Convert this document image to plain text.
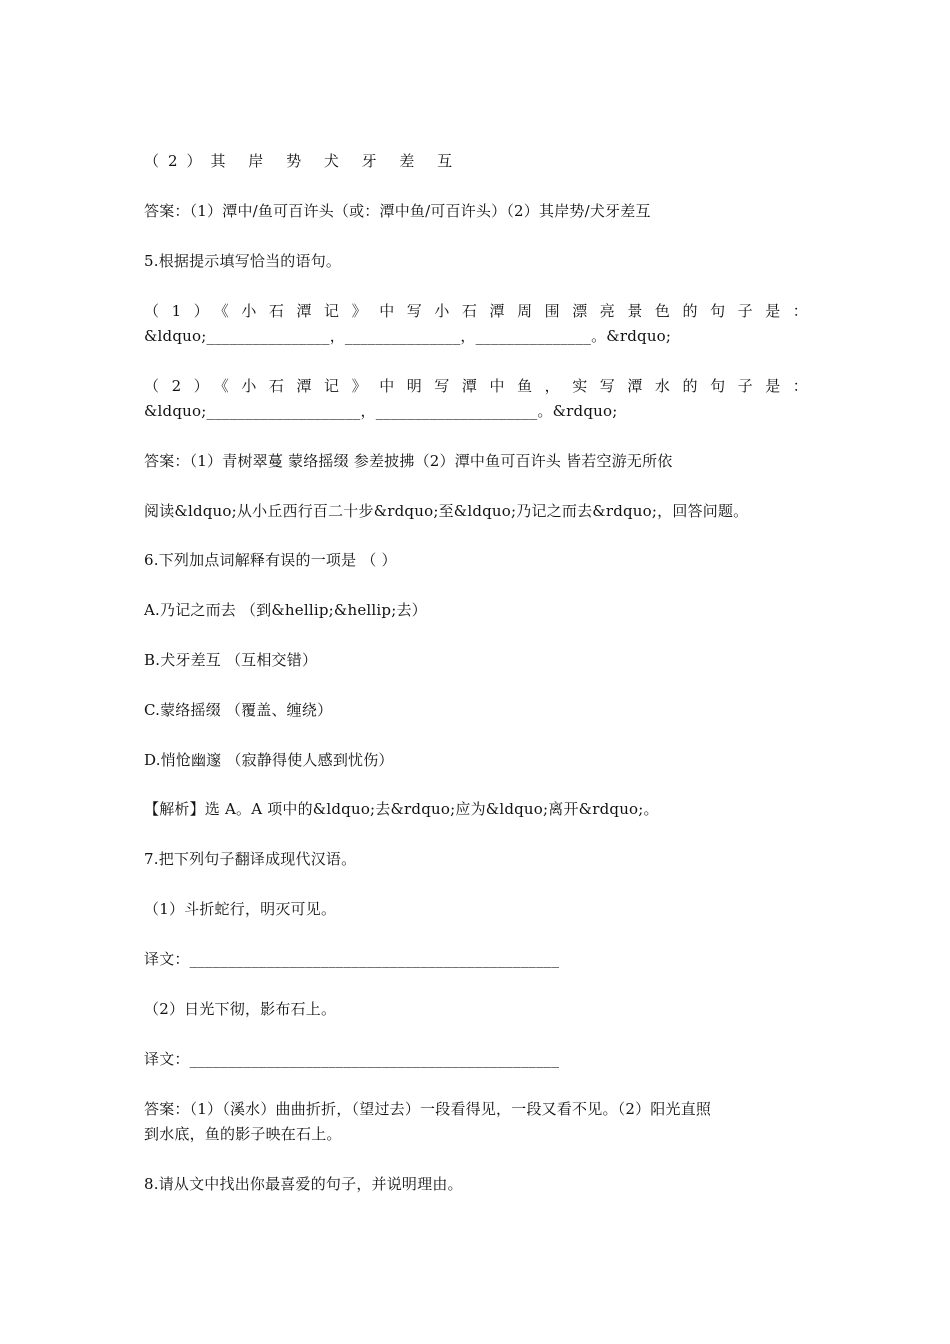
（2）其 岸 势 犬 牙 差 互
答案：（1）潭中/鱼可百许头（或：潭中鱼/可百许头）（2）其岸势/犬牙差互
5.根据提示填写恰当的语句。
（1）《小石潭记》中写小石潭周围漂亮景色的句子是：
&ldquo;________________，_______________，_______________。&rdquo;
（2）《小石潭记》中明写潭中鱼，实写潭水的句子是：
&ldquo;____________________，_____________________。&rdquo;
答案：（1）青树翠蔓 蒙络摇缀 参差披拂（2）潭中鱼可百许头 皆若空游无所依
阅读&ldquo;从小丘西行百二十步&rdquo;至&ldquo;乃记之而去&rdquo;，回答问题。
6.下列加点词解释有误的一项是 （ ）
A.乃记之而去 （到&hellip;&hellip;去）
B.犬牙差互 （互相交错）
C.蒙络摇缀 （覆盖、缠绕）
D.悄怆幽邃 （寂静得使人感到忧伤）
【解析】选 A。A 项中的&ldquo;去&rdquo;应为&ldquo;离开&rdquo;。
7.把下列句子翻译成现代汉语。
（1）斗折蛇行，明灭可见。
译文：________________________________________________
（2）日光下彻，影布石上。
译文：________________________________________________
答案：（1）（溪水）曲曲折折，（望过去）一段看得见，一段又看不见。（2）阳光直照
到水底，鱼的影子映在石上。
8.请从文中找出你最喜爱的句子，并说明理由。
